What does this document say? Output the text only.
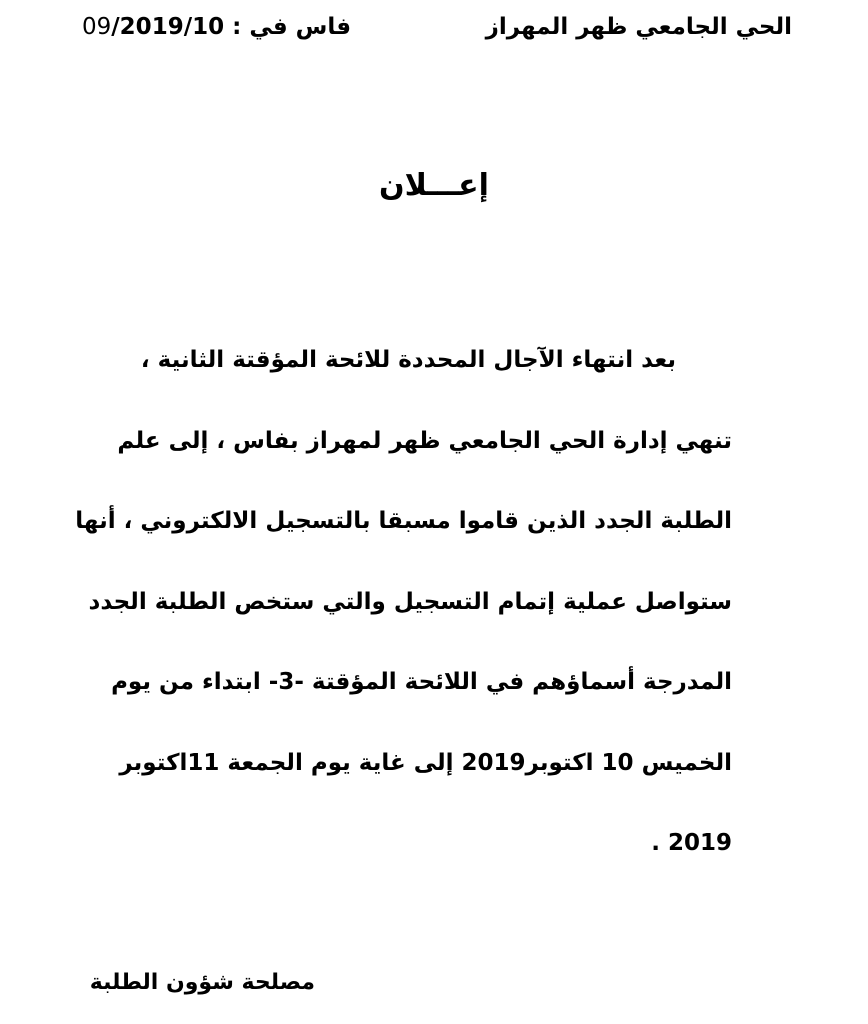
الحي الجامعي ظهر المهراز
فاس في : 09/2019/10
إعـــلان
بعد انتهاء الآجال المحددة للائحة المؤقتة الثانية ،
تنهي إدارة الحي الجامعي ظهر لمهراز بفاس ، إلى علم
الطلبة الجدد الذين قاموا مسبقا بالتسجيل الالكتروني ، أنها
ستواصل عملية إتمام التسجيل والتي ستخص الطلبة الجدد
المدرجة أسماؤهم في اللائحة المؤقتة -3- ابتداء من يوم
الخميس 10 اكتوبر2019 إلى غاية يوم الجمعة 11اكتوبر
2019 .
مصلحة شؤون الطلبة
